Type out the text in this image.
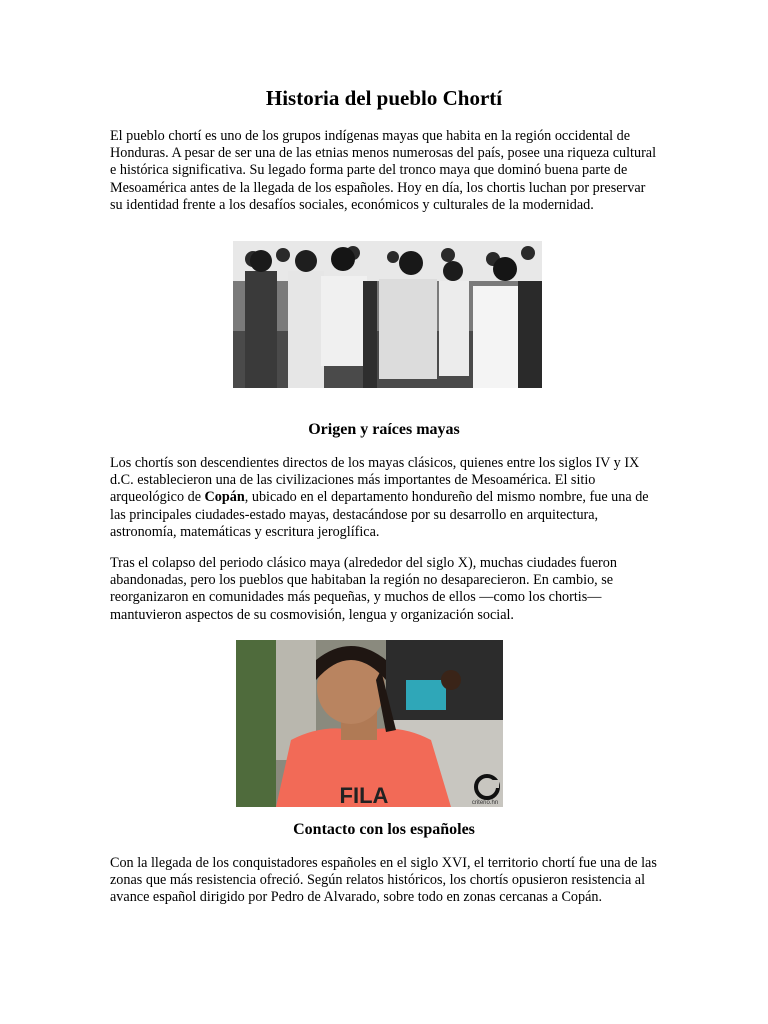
Historia del pueblo Chortí

El pueblo chortí es uno de los grupos indígenas mayas que habita en la región occidental de Honduras. A pesar de ser una de las etnias menos numerosas del país, posee una riqueza cultural e histórica significativa. Su legado forma parte del tronco maya que dominó buena parte de Mesoamérica antes de la llegada de los españoles. Hoy en día, los chortis luchan por preservar su identidad frente a los desafíos sociales, económicos y culturales de la modernidad.

Origen y raíces mayas

Los chortís son descendientes directos de los mayas clásicos, quienes entre los siglos IV y IX d.C. establecieron una de las civilizaciones más importantes de Mesoamérica. El sitio arqueológico de Copán, ubicado en el departamento hondureño del mismo nombre, fue una de las principales ciudades-estado mayas, destacándose por su desarrollo en arquitectura, astronomía, matemáticas y escritura jeroglífica.

Tras el colapso del periodo clásico maya (alrededor del siglo X), muchas ciudades fueron abandonadas, pero los pueblos que habitaban la región no desaparecieron. En cambio, se reorganizaron en comunidades más pequeñas, y muchos de ellos —como los chortis— mantuvieron aspectos de su cosmovisión, lengua y organización social.

FILA	criterio.hn
Contacto con los españoles

Con la llegada de los conquistadores españoles en el siglo XVI, el territorio chortí fue una de las zonas que más resistencia ofreció. Según relatos históricos, los chortís opusieron resistencia al avance español dirigido por Pedro de Alvarado, sobre todo en zonas cercanas a Copán.
